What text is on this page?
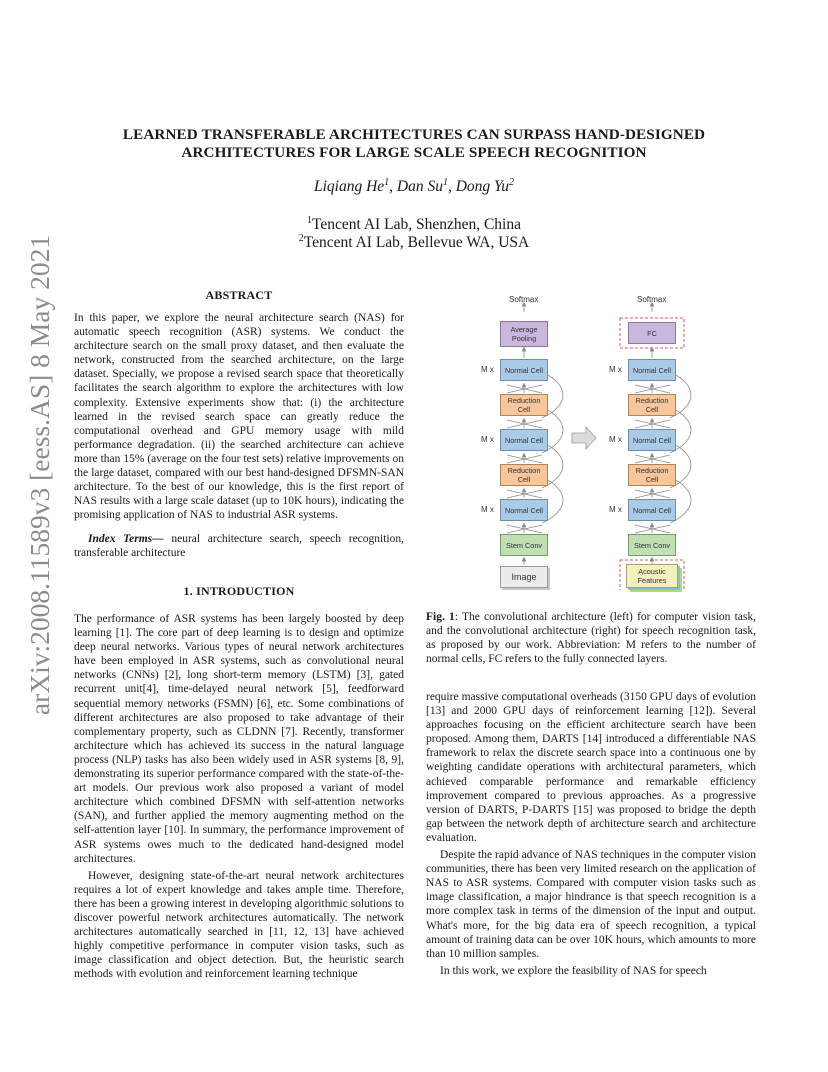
arXiv:2008.11589v3 [eess.AS] 8 May 2021
LEARNED TRANSFERABLE ARCHITECTURES CAN SURPASS HAND-DESIGNED
ARCHITECTURES FOR LARGE SCALE SPEECH RECOGNITION
Liqiang He$^1$, Dan Su$^1$, Dong Yu$^2$
$^1$Tencent AI Lab, Shenzhen, China
$^2$Tencent AI Lab, Bellevue WA, USA
ABSTRACT

In this paper, we explore the neural architecture search (NAS) for automatic speech recognition (ASR) systems. We conduct the architecture search on the small proxy dataset, and then evaluate the network, constructed from the searched architecture, on the large dataset. Specially, we propose a revised search space that theoretically facilitates the search algorithm to explore the architectures with low complexity. Extensive experiments show that: (i) the architecture learned in the revised search space can greatly reduce the computational overhead and GPU memory usage with mild performance degradation. (ii) the searched architecture can achieve more than 15% (average on the four test sets) relative improvements on the large dataset, compared with our best hand-designed DFSMN-SAN architecture. To the best of our knowledge, this is the first report of NAS results with a large scale dataset (up to 10K hours), indicating the promising application of NAS to industrial ASR systems.

Index Terms— neural architecture search, speech recognition, transferable architecture

1. INTRODUCTION

The performance of ASR systems has been largely boosted by deep learning [1]. The core part of deep learning is to design and optimize deep neural networks. Various types of neural network architectures have been employed in ASR systems, such as convolutional neural networks (CNNs) [2], long short-term memory (LSTM) [3], gated recurrent unit[4], time-delayed neural network [5], feedforward sequential memory networks (FSMN) [6], etc. Some combinations of different architectures are also proposed to take advantage of their complementary property, such as CLDNN [7]. Recently, transformer architecture which has achieved its success in the natural language process (NLP) tasks has also been widely used in ASR systems [8, 9], demonstrating its superior performance compared with the state-of-the-art models. Our previous work also proposed a variant of model architecture which combined DFSMN with self-attention networks (SAN), and further applied the memory augmenting method on the self-attention layer [10]. In summary, the performance improvement of ASR systems owes much to the dedicated hand-designed model architectures.

However, designing state-of-the-art neural network architectures requires a lot of expert knowledge and takes ample time. Therefore, there has been a growing interest in developing algorithmic solutions to discover powerful network architectures automatically. The network architectures automatically searched in [11, 12, 13] have achieved highly competitive performance in computer vision tasks, such as image classification and object detection. But, the heuristic search methods with evolution and reinforcement learning technique

Softmax	Softmax
Average Pooling
Normal Cell
Reduction Cell
Normal Cell
Reduction Cell
Normal Cell
Stem Conv
Image
M x
M x
M x
FC
Normal Cell
Reduction Cell
Normal Cell
Reduction Cell
Normal Cell
Stem Conv
Acoustic Features
M x
M x
M x
Fig. 1: The convolutional architecture (left) for computer vision task, and the convolutional architecture (right) for speech recognition task, as proposed by our work. Abbreviation: M refers to the number of normal cells, FC refers to the fully connected layers.

require massive computational overheads (3150 GPU days of evolution [13] and 2000 GPU days of reinforcement learning [12]). Several approaches focusing on the efficient architecture search have been proposed. Among them, DARTS [14] introduced a differentiable NAS framework to relax the discrete search space into a continuous one by weighting candidate operations with architectural parameters, which achieved comparable performance and remarkable efficiency improvement compared to previous approaches. As a progressive version of DARTS, P-DARTS [15] was proposed to bridge the depth gap between the network depth of architecture search and architecture evaluation.

Despite the rapid advance of NAS techniques in the computer vision communities, there has been very limited research on the application of NAS to ASR systems. Compared with computer vision tasks such as image classification, a major hindrance is that speech recognition is a more complex task in terms of the dimension of the input and output. What's more, for the big data era of speech recognition, a typical amount of training data can be over 10K hours, which amounts to more than 10 million samples.

In this work, we explore the feasibility of NAS for speech
